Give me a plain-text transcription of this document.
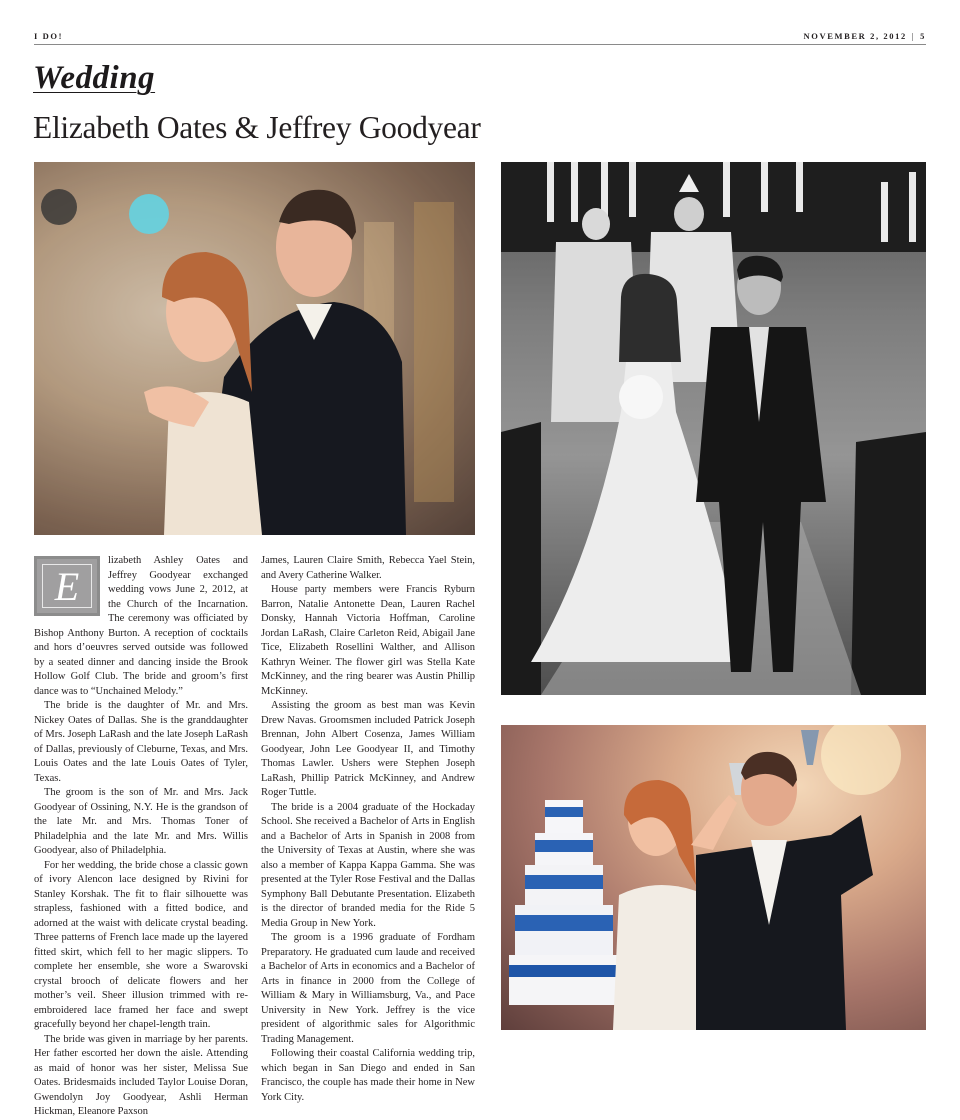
I DO!	NOVEMBER 2, 2012 | 5
Wedding
Elizabeth Oates & Jeffrey Goodyear
E

lizabeth Ashley Oates and Jeffrey Goodyear exchanged wedding vows June 2, 2012, at the Church of the Incarnation. The ceremony was officiated by Bishop Anthony Burton. A reception of cocktails and hors d’oeuvres served outside was followed by a seated dinner and dancing inside the Brook Hollow Golf Club. The bride and groom’s first dance was to “Unchained Melody.”

The bride is the daughter of Mr. and Mrs. Nickey Oates of Dallas. She is the granddaughter of Mrs. Joseph LaRash and the late Joseph LaRash of Dallas, previously of Cleburne, Texas, and Mrs. Louis Oates and the late Louis Oates of Tyler, Texas.

The groom is the son of Mr. and Mrs. Jack Goodyear of Ossining, N.Y. He is the grandson of the late Mr. and Mrs. Thomas Toner of Philadelphia and the late Mr. and Mrs. Willis Goodyear, also of Philadelphia.

For her wedding, the bride chose a classic gown of ivory Alencon lace designed by Rivini for Stanley Korshak. The fit to flair silhouette was strapless, fashioned with a fitted bodice, and adorned at the waist with delicate crystal beading. Three patterns of French lace made up the layered fitted skirt, which fell to her magic slippers. To complete her ensemble, she wore a Swarovski crystal brooch of delicate flowers and her mother’s veil. Sheer illusion trimmed with re-embroidered lace framed her face and swept gracefully beyond her chapel-length train.

The bride was given in marriage by her parents. Her father escorted her down the aisle. Attending as maid of honor was her sister, Melissa Sue Oates. Bridesmaids included Taylor Louise Doran, Gwendolyn Joy Goodyear, Ashli Herman Hickman, Eleanore Paxson

James, Lauren Claire Smith, Rebecca Yael Stein, and Avery Catherine Walker.

House party members were Francis Ryburn Barron, Natalie Antonette Dean, Lauren Rachel Donsky, Hannah Victoria Hoffman, Caroline Jordan LaRash, Claire Carleton Reid, Abigail Jane Tice, Elizabeth Rosellini Walther, and Allison Kathryn Weiner. The flower girl was Stella Kate McKinney, and the ring bearer was Austin Phillip McKinney.

Assisting the groom as best man was Kevin Drew Navas. Groomsmen included Patrick Joseph Brennan, John Albert Cosenza, James William Goodyear, John Lee Goodyear II, and Timothy Thomas Lawler. Ushers were Stephen Joseph LaRash, Phillip Patrick McKinney, and Andrew Roger Tuttle.

The bride is a 2004 graduate of the Hockaday School. She received a Bachelor of Arts in English and a Bachelor of Arts in Spanish in 2008 from the University of Texas at Austin, where she was also a member of Kappa Kappa Gamma. She was presented at the Tyler Rose Festival and the Dallas Symphony Ball Debutante Presentation. Elizabeth is the director of branded media for the Ride 5 Media Group in New York.

The groom is a 1996 graduate of Fordham Preparatory. He graduated cum laude and received a Bachelor of Arts in economics and a Bachelor of Arts in finance in 2000 from the College of William & Mary in Williamsburg, Va., and Pace University in New York. Jeffrey is the vice president of algorithmic sales for Algorithmic Trading Management.

Following their coastal California wedding trip, which began in San Diego and ended in San Francisco, the couple has made their home in New York City.
